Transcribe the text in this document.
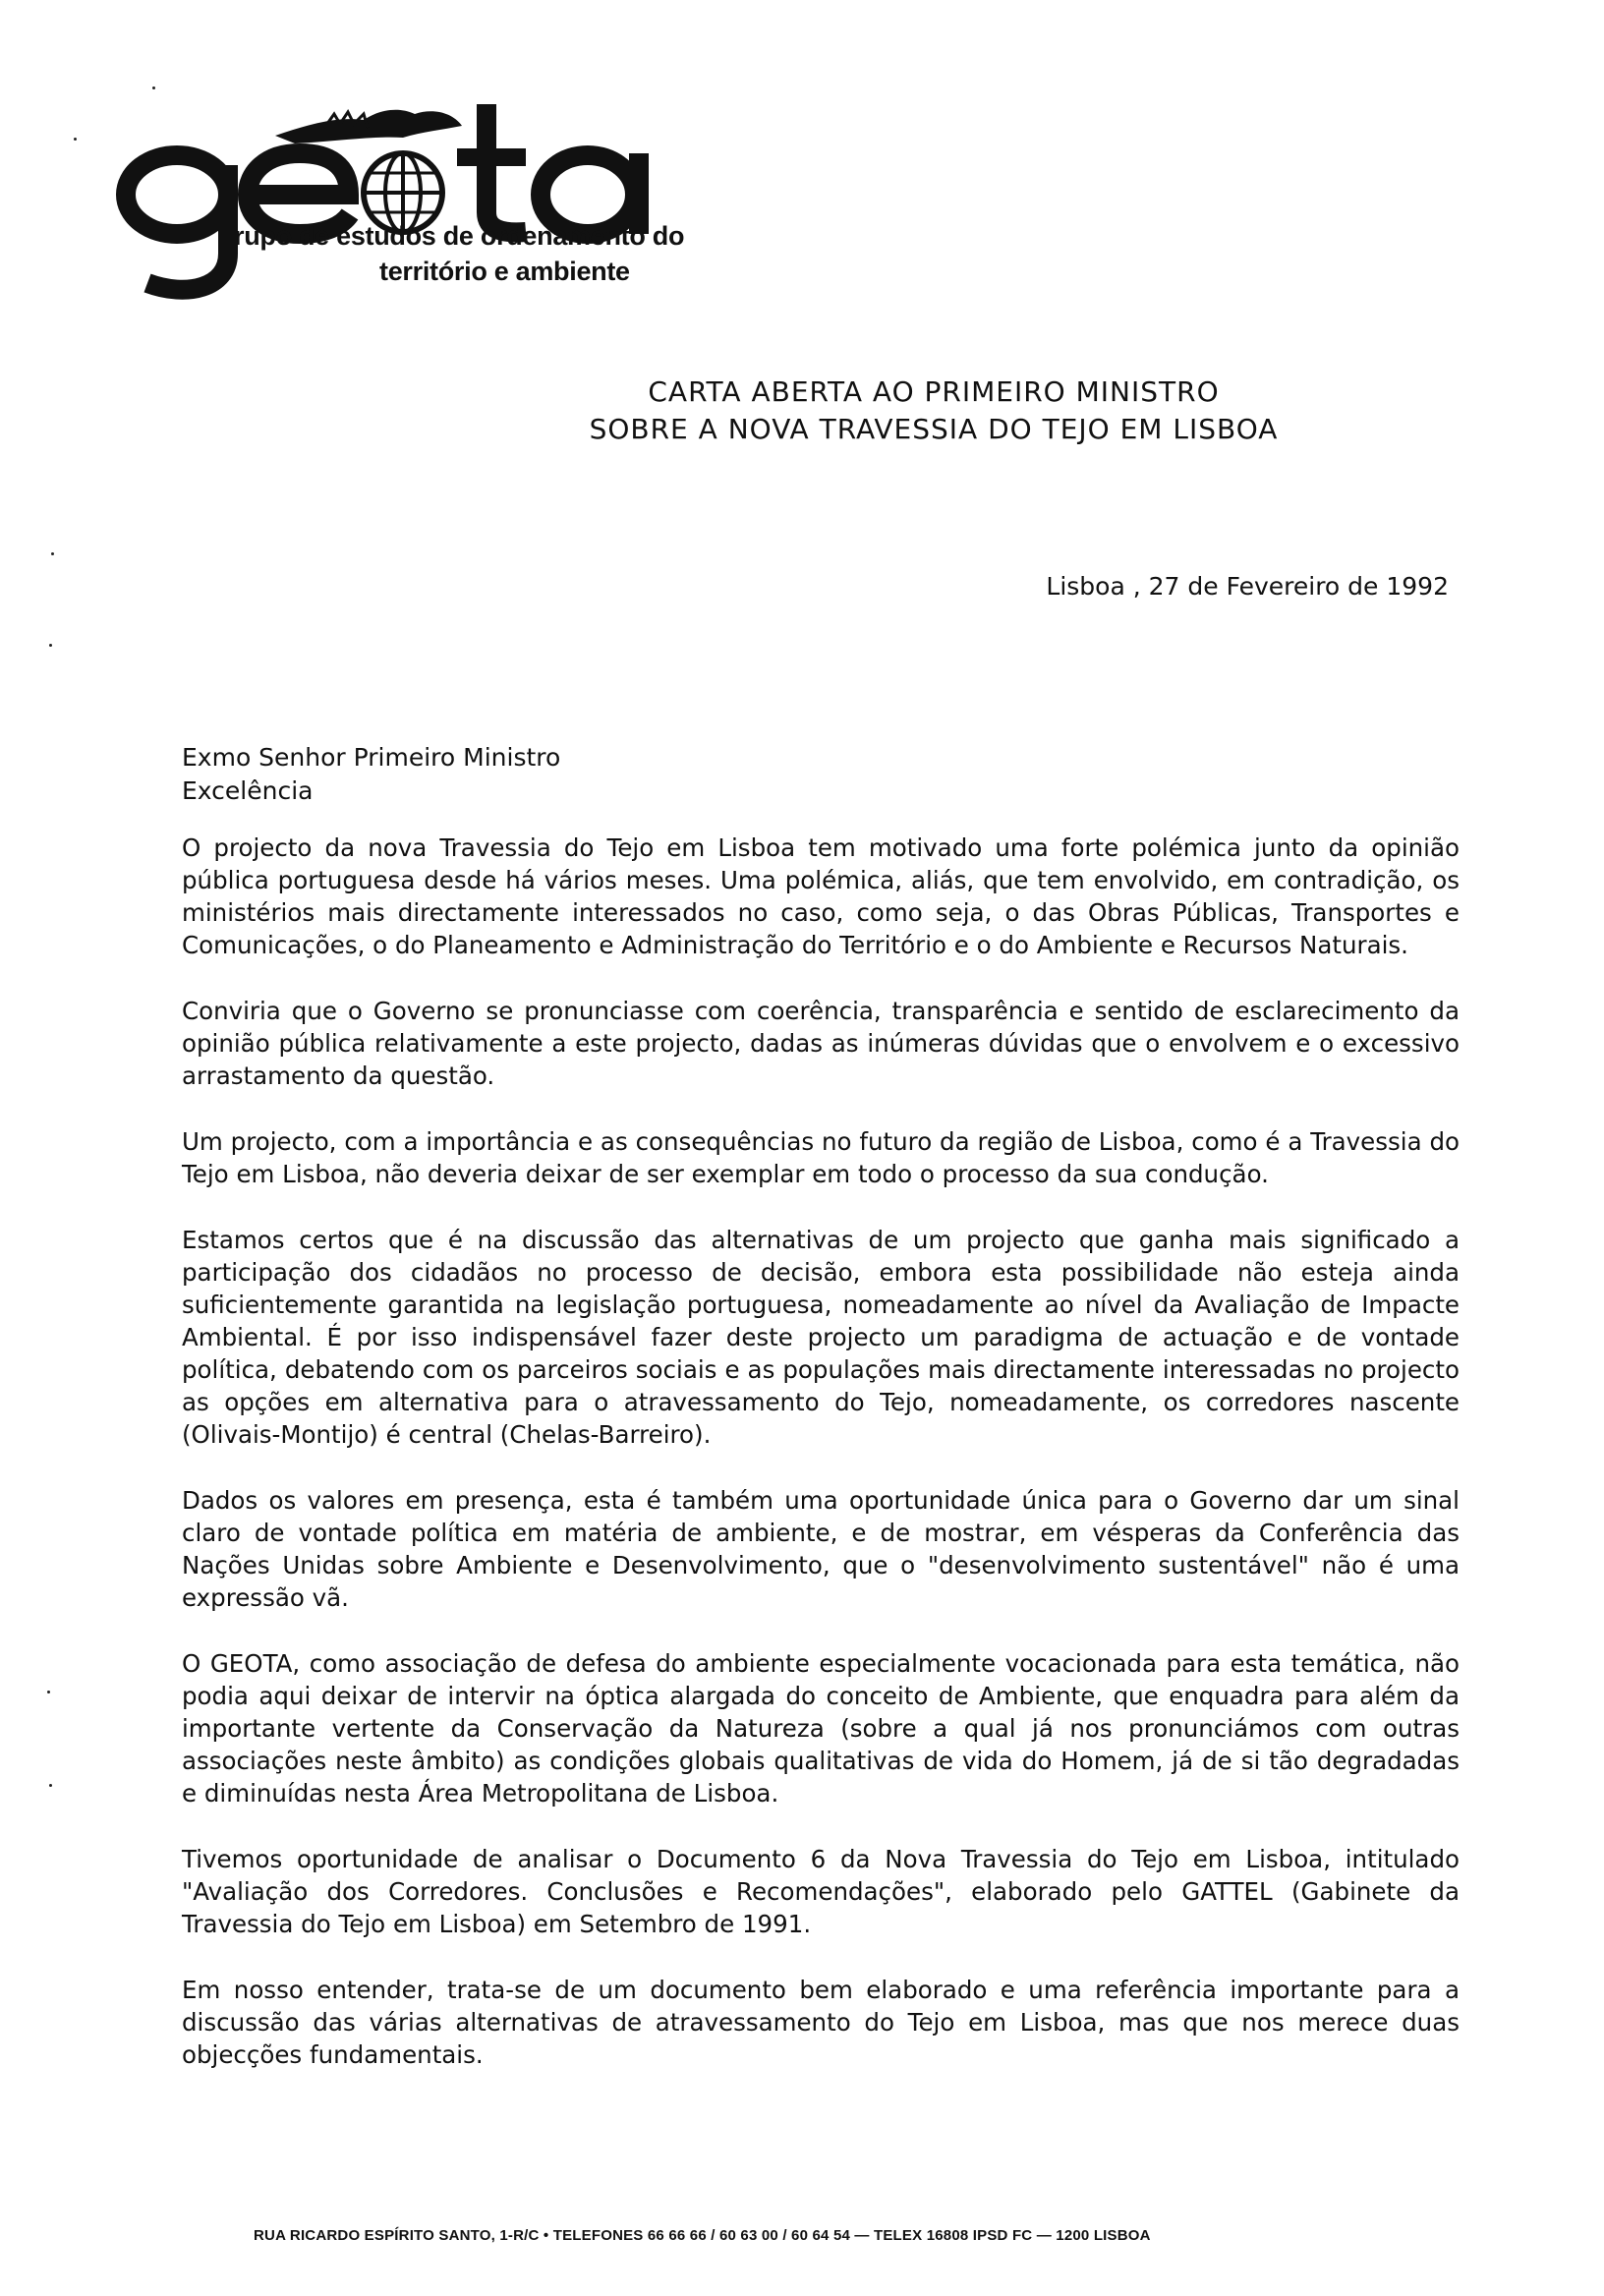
rupo de estudos de ordenamento do
território e ambiente
CARTA ABERTA AO PRIMEIRO MINISTRO
SOBRE A NOVA TRAVESSIA DO TEJO EM LISBOA
Lisboa , 27 de Fevereiro de 1992
Exmo Senhor Primeiro Ministro
Excelência

O projecto da nova Travessia do Tejo em Lisboa tem motivado uma forte polémica junto da opinião pública portuguesa desde há vários meses. Uma polémica, aliás, que tem envolvido, em contradição, os ministérios mais directamente interessados no caso, como seja, o das Obras Públicas, Transportes e Comunicações, o do Planeamento e Administração do Território e o do Ambiente e Recursos Naturais.

Conviria que o Governo se pronunciasse com coerência, transparência e sentido de esclarecimento da opinião pública relativamente a este projecto, dadas as inúmeras dúvidas que o envolvem e o excessivo arrastamento da questão.

Um projecto, com a importância e as consequências no futuro da região de Lisboa, como é a Travessia do Tejo em Lisboa, não deveria deixar de ser exemplar em todo o processo da sua condução.

Estamos certos que é na discussão das alternativas de um projecto que ganha mais significado a participação dos cidadãos no processo de decisão, embora esta possibilidade não esteja ainda suficientemente garantida na legislação portuguesa, nomeadamente ao nível da Avaliação de Impacte Ambiental. É por isso indispensável fazer deste projecto um paradigma de actuação e de vontade política, debatendo com os parceiros sociais e as populações mais directamente interessadas no projecto as opções em alternativa para o atravessamento do Tejo, nomeadamente, os corredores nascente (Olivais-Montijo) é central (Chelas-Barreiro).

Dados os valores em presença, esta é também uma oportunidade única para o Governo dar um sinal claro de vontade política em matéria de ambiente, e de mostrar, em vésperas da Conferência das Nações Unidas sobre Ambiente e Desenvolvimento, que o "desenvolvimento sustentável" não é uma expressão vã.

O GEOTA, como associação de defesa do ambiente especialmente vocacionada para esta temática, não podia aqui deixar de intervir na óptica alargada do conceito de Ambiente, que enquadra para além da importante vertente da Conservação da Natureza (sobre a qual já nos pronunciámos com outras associações neste âmbito) as condições globais qualitativas de vida do Homem, já de si tão degradadas e diminuídas nesta Área Metropolitana de Lisboa.

Tivemos oportunidade de analisar o Documento 6 da Nova Travessia do Tejo em Lisboa, intitulado "Avaliação dos Corredores. Conclusões e Recomendações", elaborado pelo GATTEL (Gabinete da Travessia do Tejo em Lisboa) em Setembro de 1991.

Em nosso entender, trata-se de um documento bem elaborado e uma referência importante para a discussão das várias alternativas de atravessamento do Tejo em Lisboa, mas que nos merece duas objecções fundamentais.

RUA RICARDO ESPÍRITO SANTO, 1-R/C • TELEFONES 66 66 66 / 60 63 00 / 60 64 54 — TELEX 16808 IPSD FC — 1200 LISBOA
